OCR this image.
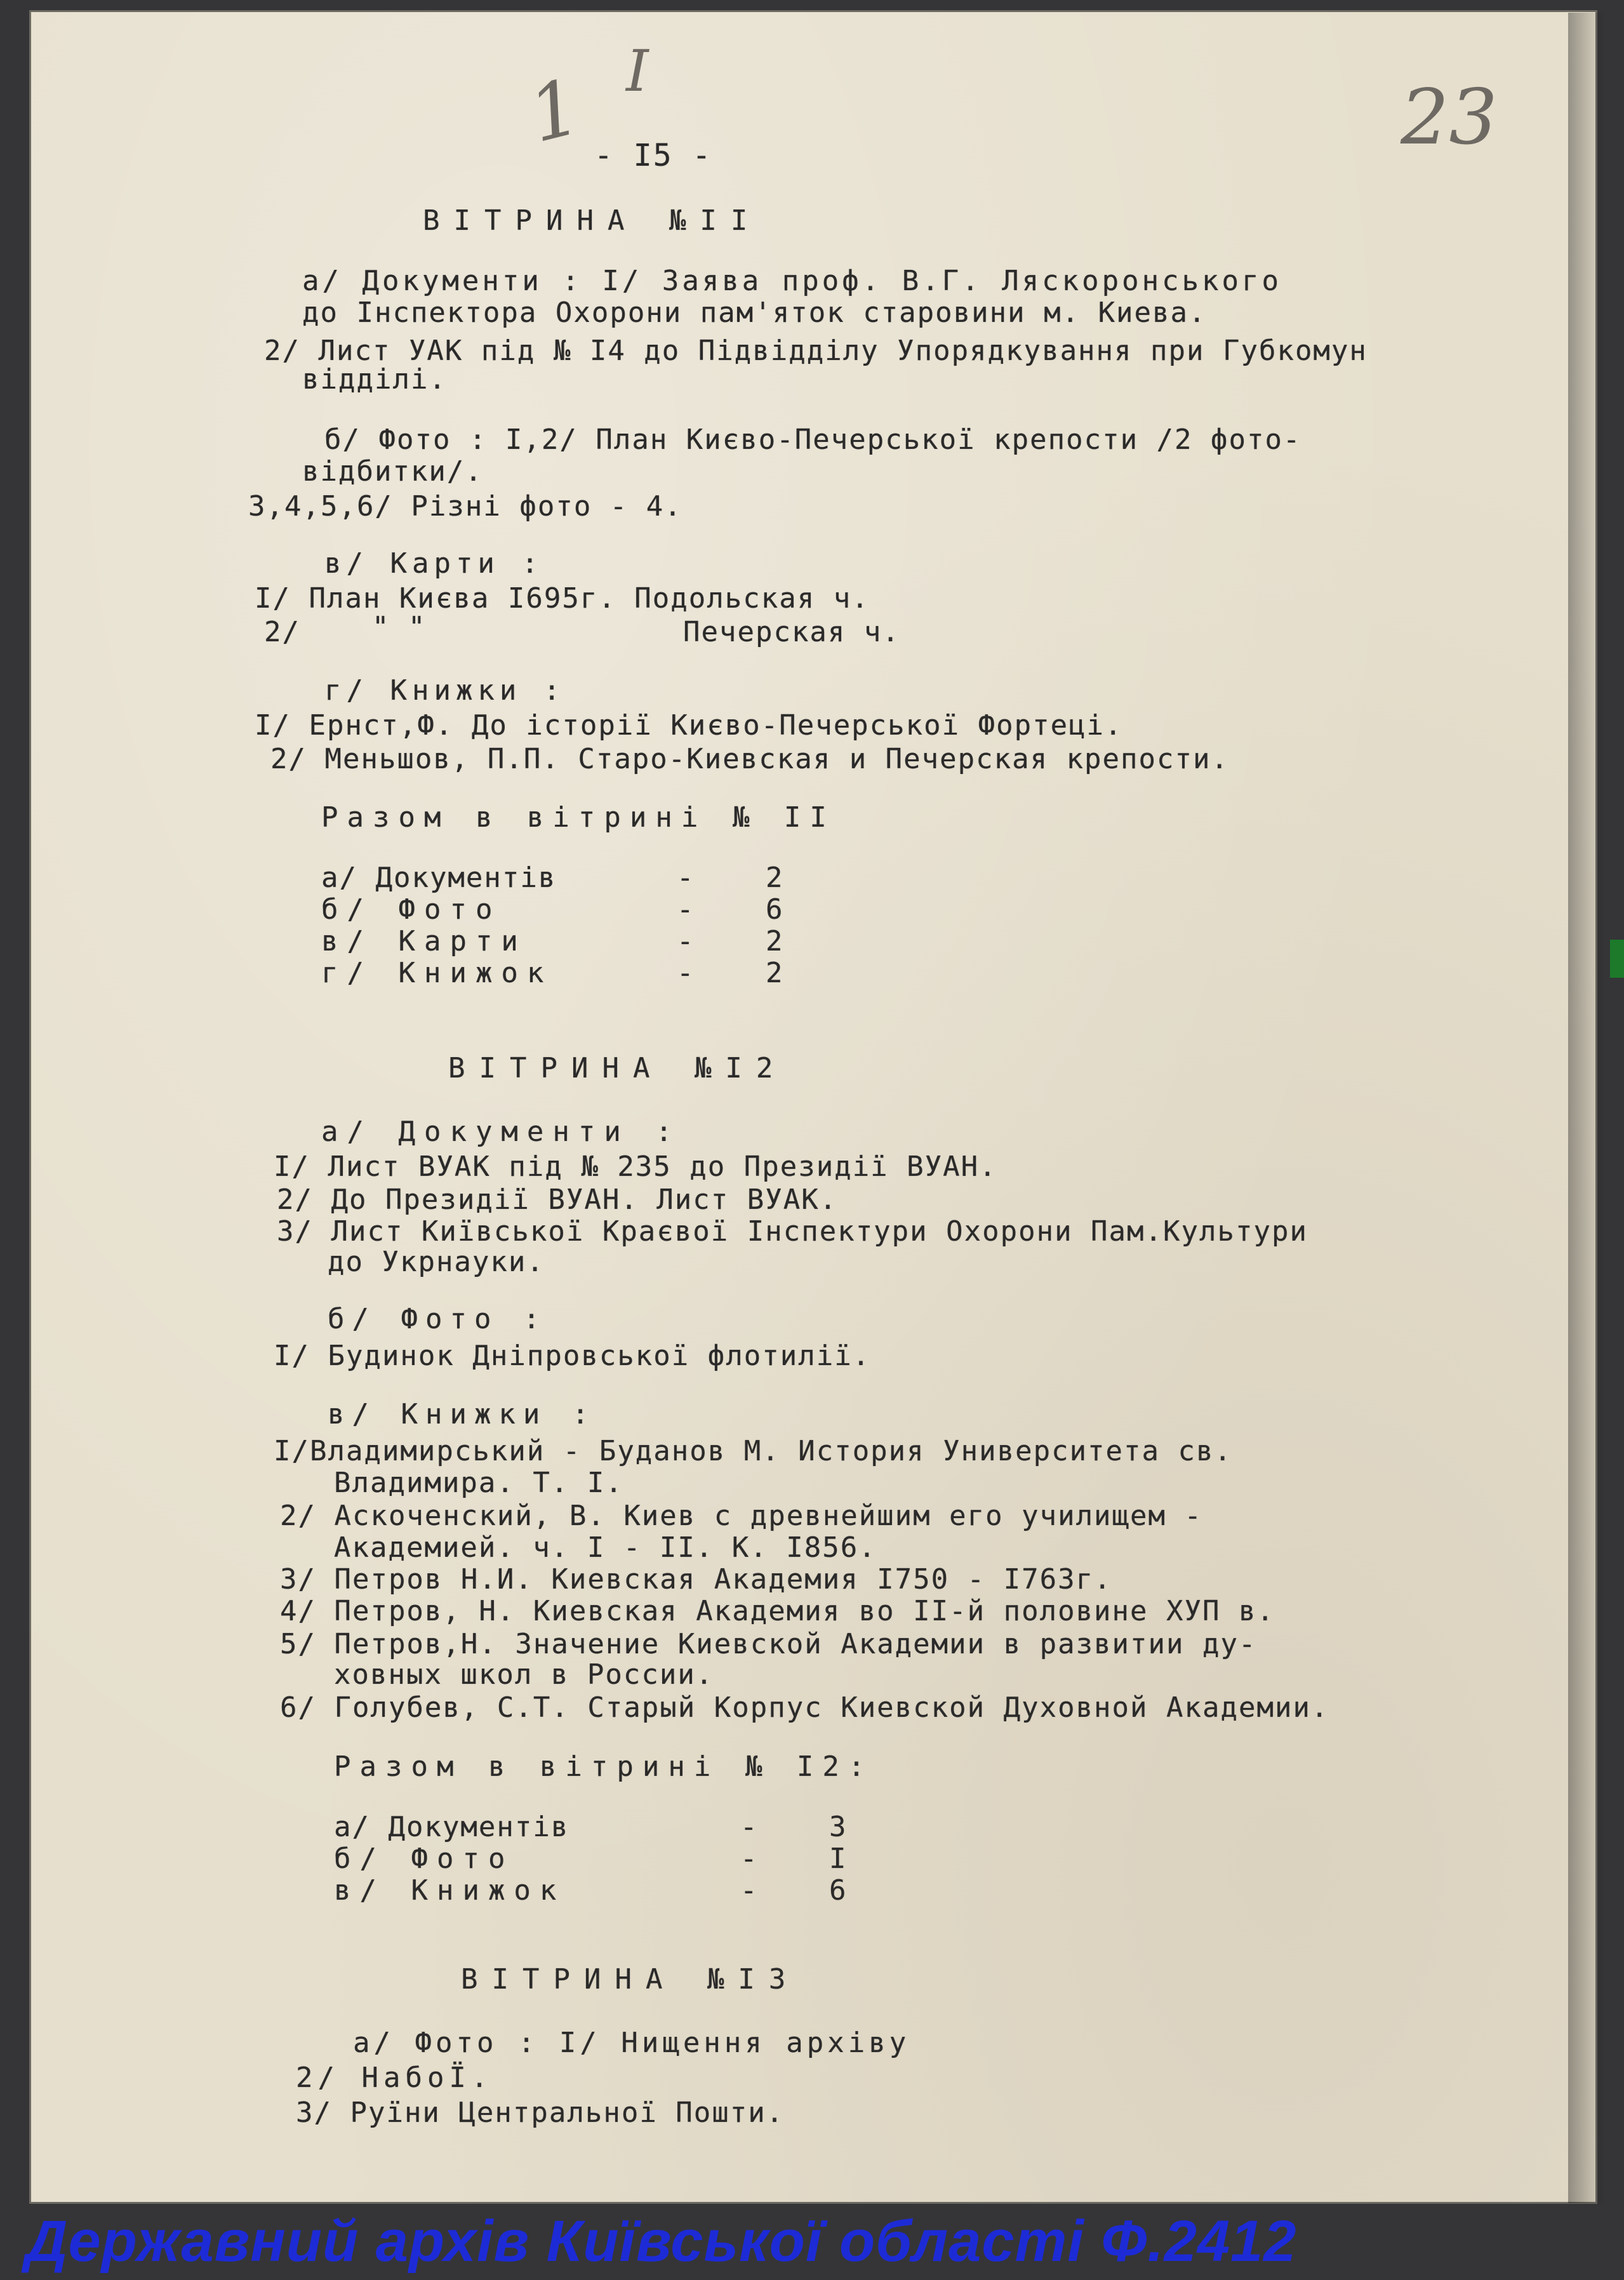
1 I
23
- I5 -
ВІТРИНА №II
а/ Документи : I/ Заява проф. В.Г. Ляскоронського
до Інспектора Охорони пам'яток старовини м. Киева.
2/ Лист УАК під № I4 до Підвідділу Упорядкування при Губкомун
відділі.
б/ Фото : I,2/ План Києво-Печерської крепости /2 фото-
відбитки/.
3,4,5,6/ Різні фото - 4.
в/ Карти :
I/ План Києва I695г. Подольская ч.
2/	" "	Печерская ч.
г/ Книжки :
I/ Ернст,Ф. До історії Києво-Печерської Фортеці.
2/ Меньшов, П.П. Старо-Киевская и Печерская крепости.
Разом в вітрині № II
а/ Документів	-	2
б/ Фото	-	6
в/ Карти	-	2
г/ Книжок	-	2
ВІТРИНА №I2
а/ Документи :
I/ Лист ВУАК під № 235 до Президії ВУАН.
2/ До Президії ВУАН. Лист ВУАК.
3/ Лист Київської Краєвої Інспектури Охорони Пам.Культури
до Укрнауки.
б/ Фото :
I/ Будинок Дніпровської флотилії.
в/ Книжки :
I/Владимирський - Буданов М. История Университета св.
Владимира. Т. I.
2/ Аскоченский, В. Киев с древнейшим его училищем -
Академией. ч. I - II. К. I856.
3/ Петров Н.И. Киевская Академия I750 - I763г.
4/ Петров, Н. Киевская Академия во II-й половине XУП в.
5/ Петров,Н. Значение Киевской Академии в развитии ду-
ховных школ в России.
6/ Голубев, С.Т. Старый Корпус Киевской Духовной Академии.
Разом в вітрині № I2:
а/ Документів	-	3
б/ Фото	-	I
в/ Книжок	-	6
ВІТРИНА №I3
а/ Фото : I/ Нищення архіву
2/ НабоЇ.
3/ Руїни Центральної Пошти.
Державний архів Київської області Ф.2412
